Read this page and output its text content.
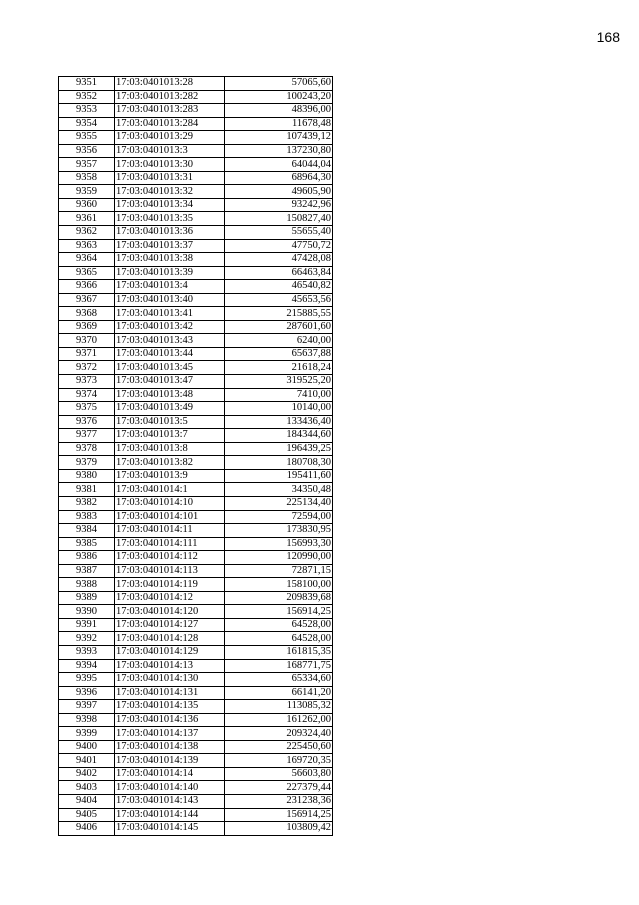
168
9351	17:03:0401013:28	57065,60
9352	17:03:0401013:282	100243,20
9353	17:03:0401013:283	48396,00
9354	17:03:0401013:284	11678,48
9355	17:03:0401013:29	107439,12
9356	17:03:0401013:3	137230,80
9357	17:03:0401013:30	64044,04
9358	17:03:0401013:31	68964,30
9359	17:03:0401013:32	49605,90
9360	17:03:0401013:34	93242,96
9361	17:03:0401013:35	150827,40
9362	17:03:0401013:36	55655,40
9363	17:03:0401013:37	47750,72
9364	17:03:0401013:38	47428,08
9365	17:03:0401013:39	66463,84
9366	17:03:0401013:4	46540,82
9367	17:03:0401013:40	45653,56
9368	17:03:0401013:41	215885,55
9369	17:03:0401013:42	287601,60
9370	17:03:0401013:43	6240,00
9371	17:03:0401013:44	65637,88
9372	17:03:0401013:45	21618,24
9373	17:03:0401013:47	319525,20
9374	17:03:0401013:48	7410,00
9375	17:03:0401013:49	10140,00
9376	17:03:0401013:5	133436,40
9377	17:03:0401013:7	184344,60
9378	17:03:0401013:8	196439,25
9379	17:03:0401013:82	180708,30
9380	17:03:0401013:9	195411,60
9381	17:03:0401014:1	34350,48
9382	17:03:0401014:10	225134,40
9383	17:03:0401014:101	72594,00
9384	17:03:0401014:11	173830,95
9385	17:03:0401014:111	156993,30
9386	17:03:0401014:112	120990,00
9387	17:03:0401014:113	72871,15
9388	17:03:0401014:119	158100,00
9389	17:03:0401014:12	209839,68
9390	17:03:0401014:120	156914,25
9391	17:03:0401014:127	64528,00
9392	17:03:0401014:128	64528,00
9393	17:03:0401014:129	161815,35
9394	17:03:0401014:13	168771,75
9395	17:03:0401014:130	65334,60
9396	17:03:0401014:131	66141,20
9397	17:03:0401014:135	113085,32
9398	17:03:0401014:136	161262,00
9399	17:03:0401014:137	209324,40
9400	17:03:0401014:138	225450,60
9401	17:03:0401014:139	169720,35
9402	17:03:0401014:14	56603,80
9403	17:03:0401014:140	227379,44
9404	17:03:0401014:143	231238,36
9405	17:03:0401014:144	156914,25
9406	17:03:0401014:145	103809,42
